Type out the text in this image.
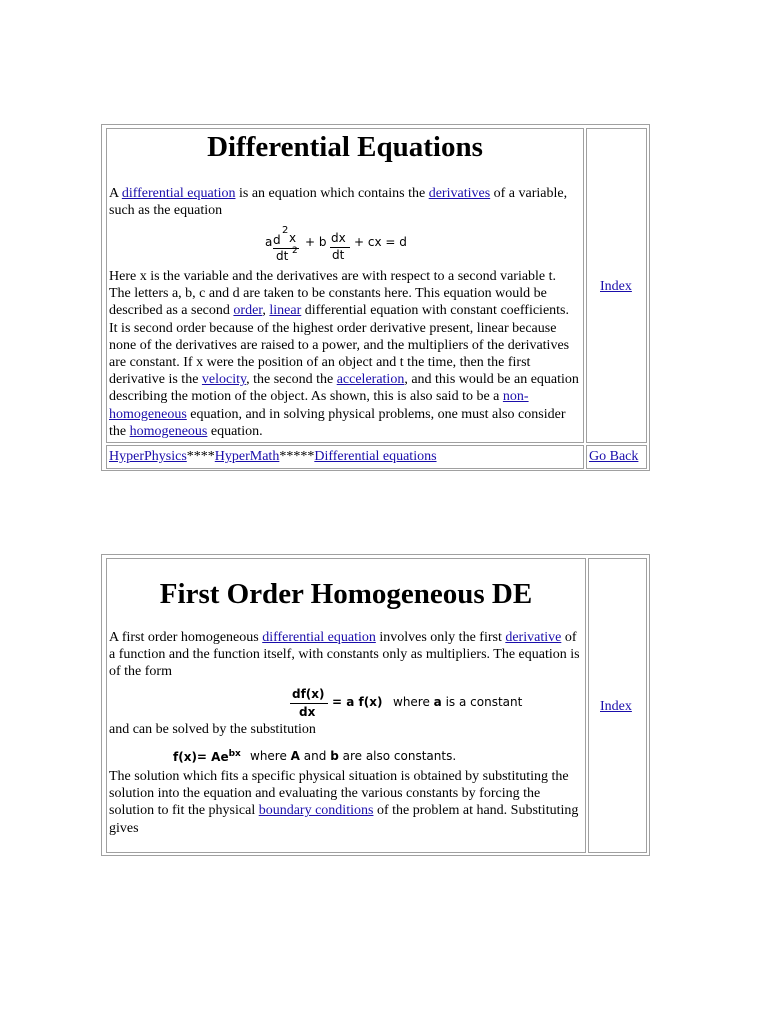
Differential Equations
A differential equation is an equation which contains the derivatives of a variable, such as the equation
a d
2
x
dt 2
+ b dx
dt
+ cx = d
Here x is the variable and the derivatives are with respect to a second variable t. The letters a, b, c and d are taken to be constants here. This equation would be described as a second order, linear differential equation with constant coefficients. It is second order because of the highest order derivative present, linear because none of the derivatives are raised to a power, and the multipliers of the derivatives are constant. If x were the position of an object and t the time, then the first derivative is the velocity, the second the acceleration, and this would be an equation describing the motion of the object. As shown, this is also said to be a non-homogeneous equation, and in solving physical problems, one must also consider the homogeneous equation.
Index
HyperPhysics****HyperMath*****Differential equations	Go Back
First Order Homogeneous DE
A first order homogeneous differential equation involves only the first derivative of a function and the function itself, with constants only as multipliers. The equation is of the form
df(x)
dx
= a f(x) where a is a constant
and can be solved by the substitution
$f(x)= Ae^{bx}$ where A and b are also constants.
The solution which fits a specific physical situation is obtained by substituting the solution into the equation and evaluating the various constants by forcing the solution to fit the physical boundary conditions of the problem at hand. Substituting gives
Index
